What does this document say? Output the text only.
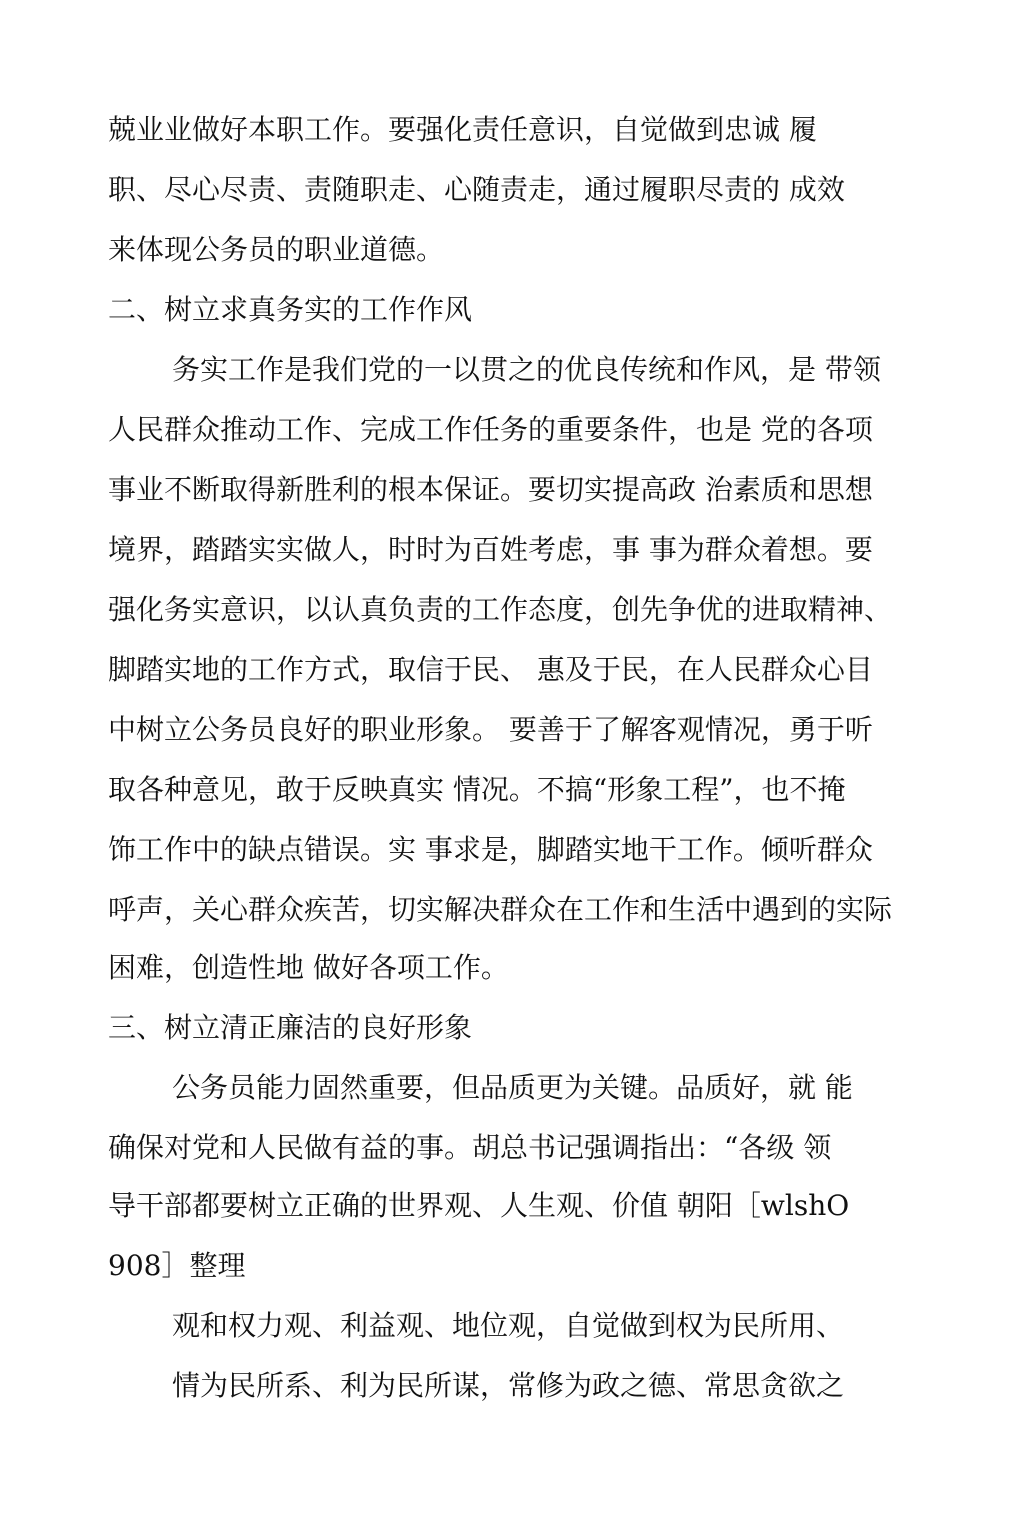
兢业业做好本职工作。要强化责任意识，自觉做到忠诚 履
职、尽心尽责、责随职走、心随责走，通过履职尽责的 成效
来体现公务员的职业道德。
二、树立求真务实的工作作风
务实工作是我们党的一以贯之的优良传统和作风，是 带领
人民群众推动工作、完成工作任务的重要条件，也是 党的各项
事业不断取得新胜利的根本保证。要切实提高政 治素质和思想
境界，踏踏实实做人，时时为百姓考虑，事 事为群众着想。要
强化务实意识，以认真负责的工作态度，创先争优的进取精神、
脚踏实地的工作方式，取信于民、 惠及于民，在人民群众心目
中树立公务员良好的职业形象。 要善于了解客观情况，勇于听
取各种意见，敢于反映真实 情况。不搞“形象工程”，也不掩
饰工作中的缺点错误。实 事求是，脚踏实地干工作。倾听群众
呼声，关心群众疾苦，切实解决群众在工作和生活中遇到的实际
困难，创造性地 做好各项工作。
三、树立清正廉洁的良好形象
公务员能力固然重要，但品质更为关键。品质好，就 能
确保对党和人民做有益的事。胡总书记强调指出：“各级 领
导干部都要树立正确的世界观、人生观、价值 朝阳［wlshO
908］整理
观和权力观、利益观、地位观，自觉做到权为民所用、
情为民所系、利为民所谋，常修为政之德、常思贪欲之
